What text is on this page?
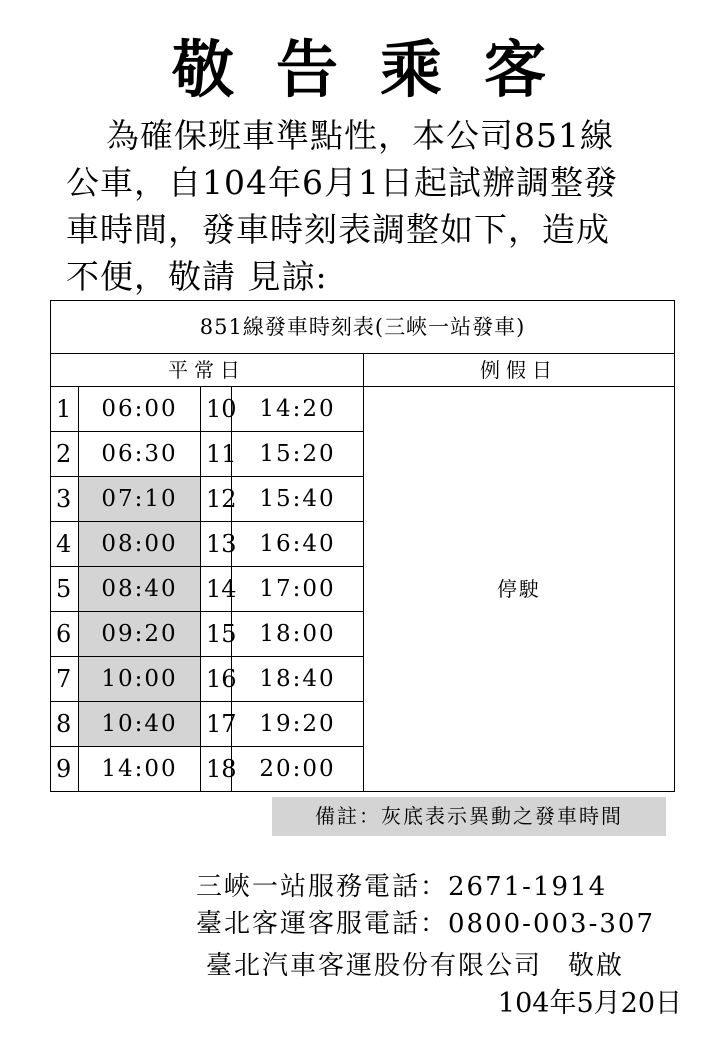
敬告乘客
為確保班車準點性，本公司851線
公車，自104年6月1日起試辦調整發
車時間，發車時刻表調整如下，造成
不便，敬請 見諒:
851線發車時刻表(三峽一站發車)				
平常日				例假日
1	06:00	10	14:20	停駛
2	06:30	11	15:20	
3	07:10	12	15:40	
4	08:00	13	16:40	
5	08:40	14	17:00	
6	09:20	15	18:00	
7	10:00	16	18:40	
8	10:40	17	19:20	
9	14:00	18	20:00	
備註：灰底表示異動之發車時間
三峽一站服務電話：2671-1914
臺北客運客服電話：0800-003-307
臺北汽車客運股份有限公司 敬啟
104年5月20日
